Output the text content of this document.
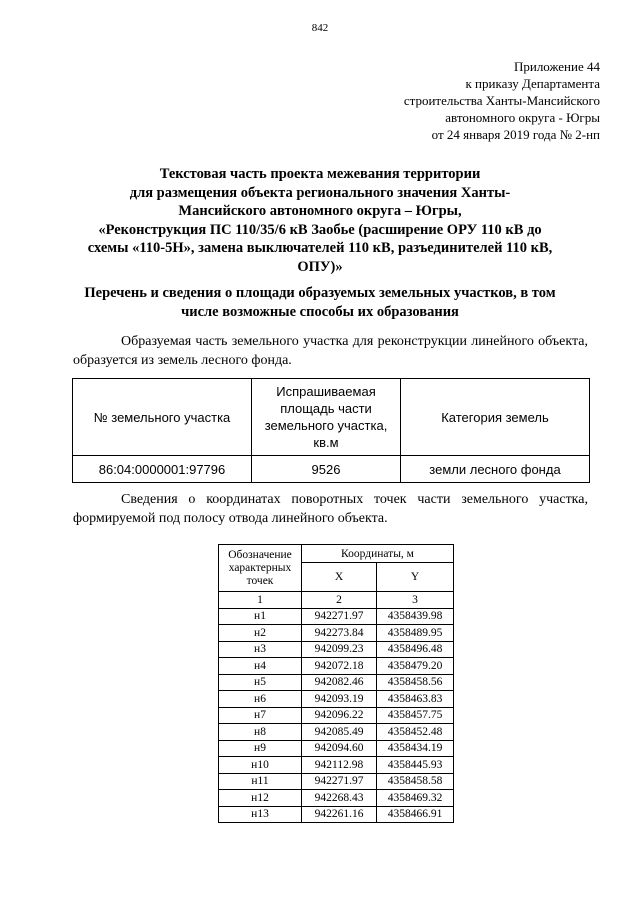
842
Приложение 44
к приказу Департамента
строительства Ханты-Мансийского
автономного округа - Югры
от 24 января 2019 года № 2-нп
Текстовая часть проекта межевания территории
для размещения объекта регионального значения Ханты-
Мансийского автономного округа – Югры,
«Реконструкция ПС 110/35/6 кВ Заобье (расширение ОРУ 110 кВ до
схемы «110-5Н», замена выключателей 110 кВ, разъединителей 110 кВ,
ОПУ)»
Перечень и сведения о площади образуемых земельных участков, в том
числе возможные способы их образования
Образуемая часть земельного участка для реконструкции линейного объекта, образуется из земель лесного фонда.
№ земельного участка	Испрашиваемая площадь части земельного участка, кв.м	Категория земель
86:04:0000001:97796	9526	земли лесного фонда
Сведения о координатах поворотных точек части земельного участка, формируемой под полосу отвода линейного объекта.
Обозначение характерных точек	Координаты, м	
	X	Y
1	2	3
н1	942271.97	4358439.98
н2	942273.84	4358489.95
н3	942099.23	4358496.48
н4	942072.18	4358479.20
н5	942082.46	4358458.56
н6	942093.19	4358463.83
н7	942096.22	4358457.75
н8	942085.49	4358452.48
н9	942094.60	4358434.19
н10	942112.98	4358445.93
н11	942271.97	4358458.58
н12	942268.43	4358469.32
н13	942261.16	4358466.91
